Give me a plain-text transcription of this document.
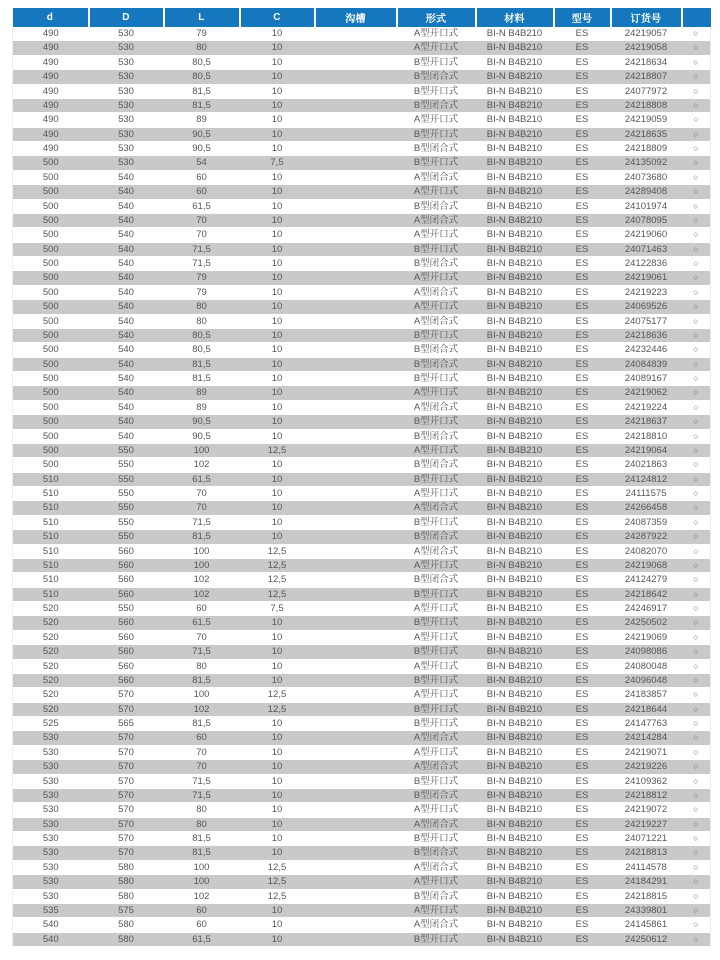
d	D	L	C	沟槽	形式	材料	型号	订货号	
490	530	79	10		A型开口式	BI-N B4B210	ES	24219057	○
490	530	80	10		A型开口式	BI-N B4B210	ES	24219058	○
490	530	80,5	10		B型开口式	BI-N B4B210	ES	24218634	○
490	530	80,5	10		B型闭合式	BI-N B4B210	ES	24218807	○
490	530	81,5	10		B型开口式	BI-N B4B210	ES	24077972	○
490	530	81,5	10		B型闭合式	BI-N B4B210	ES	24218808	○
490	530	89	10		A型开口式	BI-N B4B210	ES	24219059	○
490	530	90,5	10		B型开口式	BI-N B4B210	ES	24218635	○
490	530	90,5	10		B型闭合式	BI-N B4B210	ES	24218809	○
500	530	54	7,5		B型开口式	BI-N B4B210	ES	24135092	○
500	540	60	10		A型闭合式	BI-N B4B210	ES	24073680	○
500	540	60	10		A型开口式	BI-N B4B210	ES	24289408	○
500	540	61,5	10		B型闭合式	BI-N B4B210	ES	24101974	○
500	540	70	10		A型闭合式	BI-N B4B210	ES	24078095	○
500	540	70	10		A型开口式	BI-N B4B210	ES	24219060	○
500	540	71,5	10		B型开口式	BI-N B4B210	ES	24071463	○
500	540	71,5	10		B型闭合式	BI-N B4B210	ES	24122836	○
500	540	79	10		A型开口式	BI-N B4B210	ES	24219061	○
500	540	79	10		A型闭合式	BI-N B4B210	ES	24219223	○
500	540	80	10		A型开口式	BI-N B4B210	ES	24069526	○
500	540	80	10		A型闭合式	BI-N B4B210	ES	24075177	○
500	540	80,5	10		B型开口式	BI-N B4B210	ES	24218636	○
500	540	80,5	10		B型闭合式	BI-N B4B210	ES	24232446	○
500	540	81,5	10		B型闭合式	BI-N B4B210	ES	24084839	○
500	540	81,5	10		B型开口式	BI-N B4B210	ES	24089167	○
500	540	89	10		A型开口式	BI-N B4B210	ES	24219062	○
500	540	89	10		A型闭合式	BI-N B4B210	ES	24219224	○
500	540	90,5	10		B型开口式	BI-N B4B210	ES	24218637	○
500	540	90,5	10		B型闭合式	BI-N B4B210	ES	24218810	○
500	550	100	12,5		A型开口式	BI-N B4B210	ES	24219064	○
500	550	102	10		B型闭合式	BI-N B4B210	ES	24021863	○
510	550	61,5	10		B型开口式	BI-N B4B210	ES	24124812	○
510	550	70	10		A型开口式	BI-N B4B210	ES	24111575	○
510	550	70	10		A型闭合式	BI-N B4B210	ES	24266458	○
510	550	71,5	10		B型开口式	BI-N B4B210	ES	24087359	○
510	550	81,5	10		B型闭合式	BI-N B4B210	ES	24287922	○
510	560	100	12,5		A型闭合式	BI-N B4B210	ES	24082070	○
510	560	100	12,5		A型开口式	BI-N B4B210	ES	24219068	○
510	560	102	12,5		B型闭合式	BI-N B4B210	ES	24124279	○
510	560	102	12,5		B型开口式	BI-N B4B210	ES	24218642	○
520	550	60	7,5		A型开口式	BI-N B4B210	ES	24246917	○
520	560	61,5	10		B型开口式	BI-N B4B210	ES	24250502	○
520	560	70	10		A型开口式	BI-N B4B210	ES	24219069	○
520	560	71,5	10		B型开口式	BI-N B4B210	ES	24098086	○
520	560	80	10		A型开口式	BI-N B4B210	ES	24080048	○
520	560	81,5	10		B型开口式	BI-N B4B210	ES	24096048	○
520	570	100	12,5		A型开口式	BI-N B4B210	ES	24183857	○
520	570	102	12,5		B型开口式	BI-N B4B210	ES	24218644	○
525	565	81,5	10		B型开口式	BI-N B4B210	ES	24147763	○
530	570	60	10		A型闭合式	BI-N B4B210	ES	24214284	○
530	570	70	10		A型开口式	BI-N B4B210	ES	24219071	○
530	570	70	10		A型闭合式	BI-N B4B210	ES	24219226	○
530	570	71,5	10		B型开口式	BI-N B4B210	ES	24109362	○
530	570	71,5	10		B型闭合式	BI-N B4B210	ES	24218812	○
530	570	80	10		A型开口式	BI-N B4B210	ES	24219072	○
530	570	80	10		A型闭合式	BI-N B4B210	ES	24219227	○
530	570	81,5	10		B型开口式	BI-N B4B210	ES	24071221	○
530	570	81,5	10		B型闭合式	BI-N B4B210	ES	24218813	○
530	580	100	12,5		A型闭合式	BI-N B4B210	ES	24114578	○
530	580	100	12,5		A型开口式	BI-N B4B210	ES	24184291	○
530	580	102	12,5		B型闭合式	BI-N B4B210	ES	24218815	○
535	575	60	10		A型开口式	BI-N B4B210	ES	24339801	○
540	580	60	10		A型闭合式	BI-N B4B210	ES	24145861	○
540	580	61,5	10		B型开口式	BI-N B4B210	ES	24250612	○
